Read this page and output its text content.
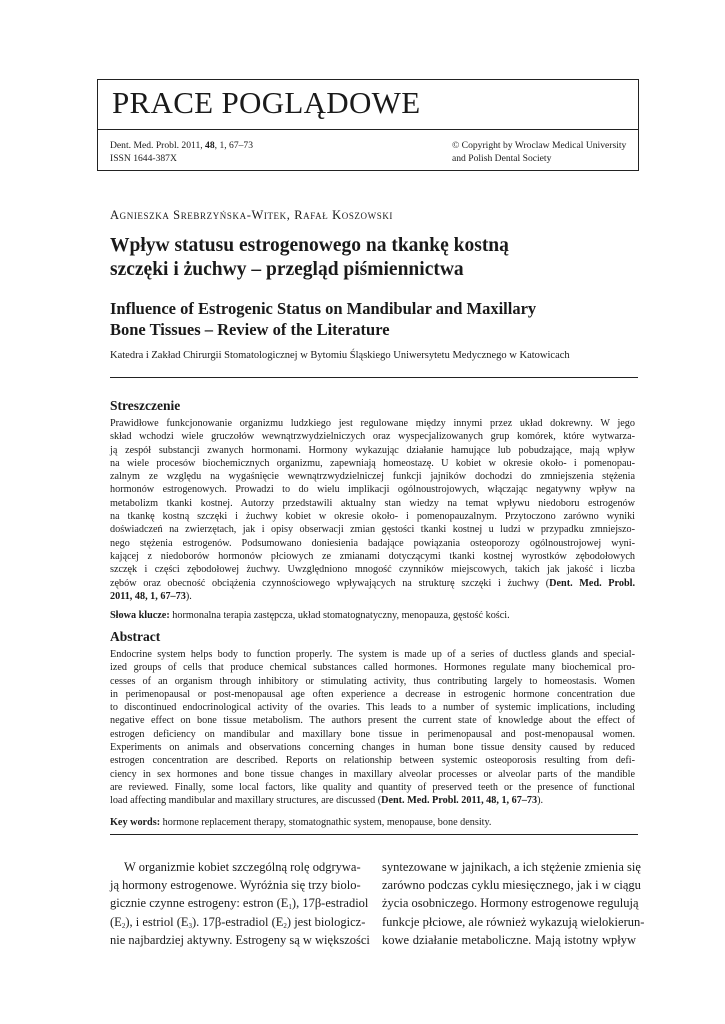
PRACE POGLĄDOWE
Dent. Med. Probl. 2011, 48, 1, 67–73
ISSN 1644-387X
© Copyright by Wroclaw Medical University
and Polish Dental Society
Agnieszka Srebrzyńska-Witek, Rafał Koszowski
Wpływ statusu estrogenowego na tkankę kostną
szczęki i żuchwy – przegląd piśmiennictwa
Influence of Estrogenic Status on Mandibular and Maxillary
Bone Tissues – Review of the Literature
Katedra i Zakład Chirurgii Stomatologicznej w Bytomiu Śląskiego Uniwersytetu Medycznego w Katowicach
Streszczenie
Prawidłowe funkcjonowanie organizmu ludzkiego jest regulowane między innymi przez układ dokrewny. W jego
skład wchodzi wiele gruczołów wewnątrzwydzielniczych oraz wyspecjalizowanych grup komórek, które wytwarza-
ją zespół substancji zwanych hormonami. Hormony wykazując działanie hamujące lub pobudzające, mają wpływ
na wiele procesów biochemicznych organizmu, zapewniają homeostazę. U kobiet w okresie około- i pomenopau-
zalnym ze względu na wygaśnięcie wewnątrzwydzielniczej funkcji jajników dochodzi do zmniejszenia stężenia
hormonów estrogenowych. Prowadzi to do wielu implikacji ogólnoustrojowych, włączając negatywny wpływ na
metabolizm tkanki kostnej. Autorzy przedstawili aktualny stan wiedzy na temat wpływu niedoboru estrogenów
na tkankę kostną szczęki i żuchwy kobiet w okresie około- i pomenopauzalnym. Przytoczono zarówno wyniki
doświadczeń na zwierzętach, jak i opisy obserwacji zmian gęstości tkanki kostnej u ludzi w przypadku zmniejszo-
nego stężenia estrogenów. Podsumowano doniesienia badające powiązania osteoporozy ogólnoustrojowej wyni-
kającej z niedoborów hormonów płciowych ze zmianami dotyczącymi tkanki kostnej wyrostków zębodołowych
szczęk i części zębodołowej żuchwy. Uwzględniono mnogość czynników miejscowych, takich jak jakość i liczba
zębów oraz obecność obciążenia czynnościowego wpływających na strukturę szczęki i żuchwy (Dent. Med. Probl.
2011, 48, 1, 67–73).
Słowa klucze: hormonalna terapia zastępcza, układ stomatognatyczny, menopauza, gęstość kości.
Abstract
Endocrine system helps body to function properly. The system is made up of a series of ductless glands and special-
ized groups of cells that produce chemical substances called hormones. Hormones regulate many biochemical pro-
cesses of an organism through inhibitory or stimulating activity, thus contributing largely to homeostasis. Women
in perimenopausal or post-menopausal age often experience a decrease in estrogenic hormone concentration due
to discontinued endocrinological activity of the ovaries. This leads to a number of systemic implications, including
negative effect on bone tissue metabolism. The authors present the current state of knowledge about the effect of
estrogen deficiency on mandibular and maxillary bone tissue in perimenopausal and post-menopausal women.
Experiments on animals and observations concerning changes in human bone tissue density caused by reduced
estrogen concentration are described. Reports on relationship between systemic osteoporosis resulting from defi-
ciency in sex hormones and bone tissue changes in maxillary alveolar processes or alveolar parts of the mandible
are reviewed. Finally, some local factors, like quality and quantity of preserved teeth or the presence of functional
load affecting mandibular and maxillary structures, are discussed (Dent. Med. Probl. 2011, 48, 1, 67–73).
Key words: hormone replacement therapy, stomatognathic system, menopause, bone density.
W organizmie kobiet szczególną rolę odgrywa-
ją hormony estrogenowe. Wyróżnia się trzy biolo-
gicznie czynne estrogeny: estron $(E_1)$, 17β-estradiol
$(E_2)$, i estriol $(E_3)$. 17β-estradiol $(E_2)$ jest biologicz-
nie najbardziej aktywny. Estrogeny są w większości
syntezowane w jajnikach, a ich stężenie zmienia się
zarówno podczas cyklu miesięcznego, jak i w ciągu
życia osobniczego. Hormony estrogenowe regulują
funkcje płciowe, ale również wykazują wielokierun-
kowe działanie metaboliczne. Mają istotny wpływ
